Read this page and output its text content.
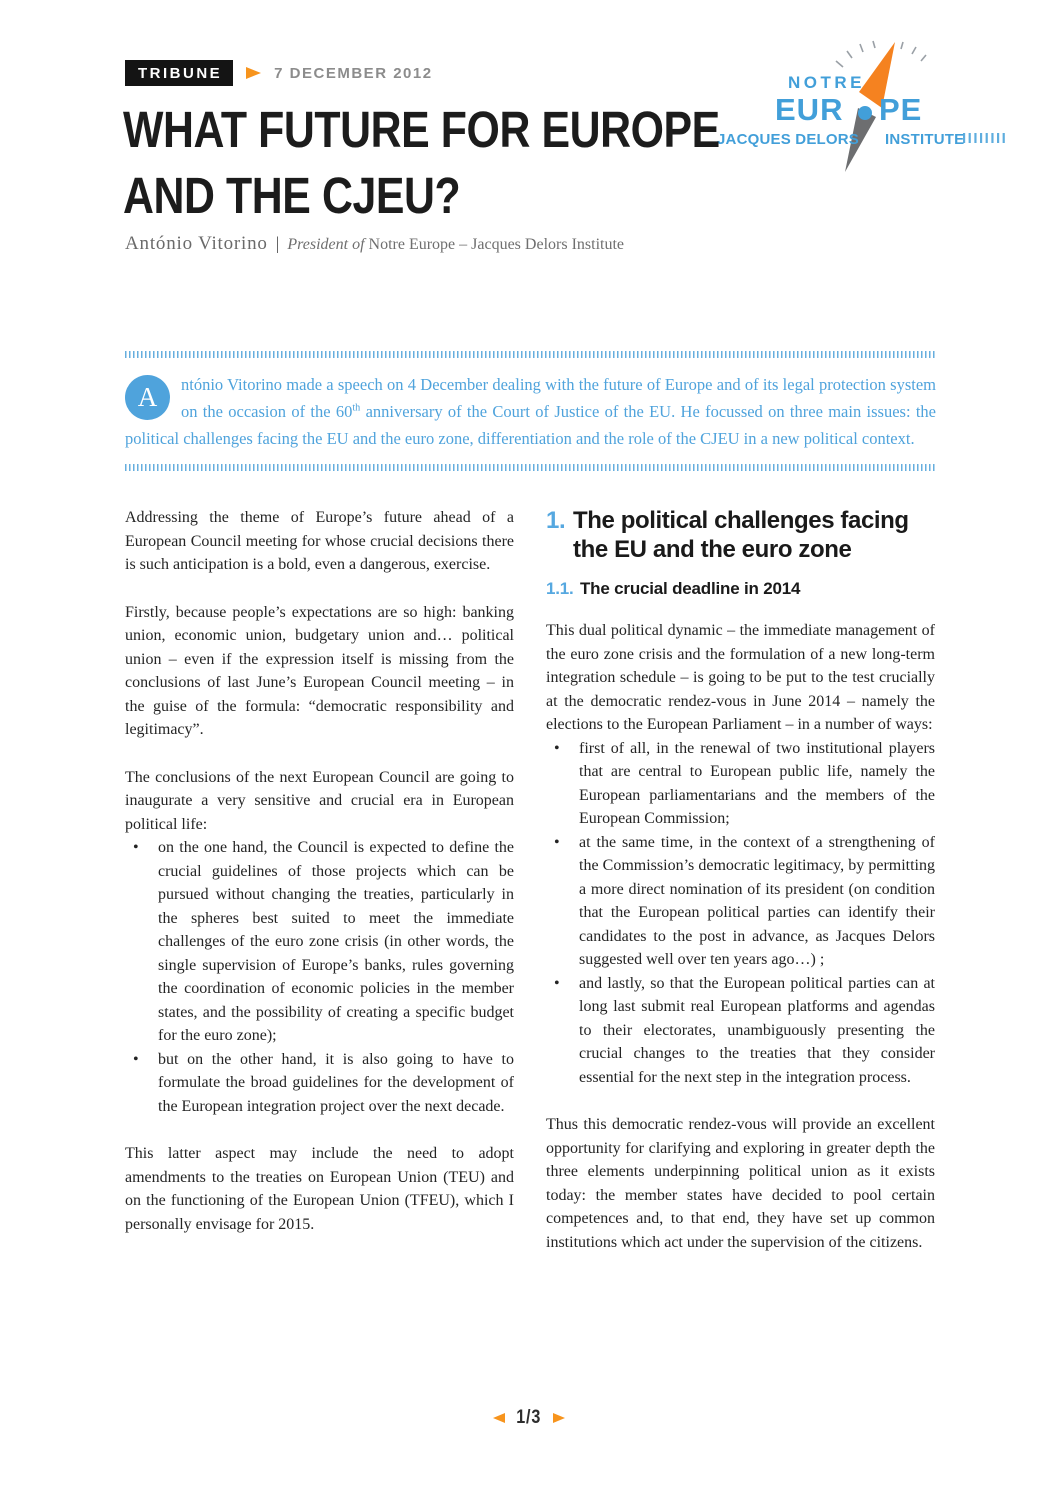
TRIBUNE	7 DECEMBER 2012	NOTRE
EUR PE
JACQUES DELORS INSTITUTE
IIIIIIII
WHAT FUTURE FOR EUROPE
AND THE CJEU?
António Vitorino | President of Notre Europe – Jacques Delors Institute
A	ntónio Vitorino made a speech on 4 December dealing with the future of Europe and of its legal protection system on the occasion of the 60th anniversary of the Court of Justice of the EU. He focussed on three main issues: the political challenges facing the EU and the euro zone, differentiation and the role of the CJEU in a new political context.

Addressing the theme of Europe’s future ahead of a European Council meeting for whose crucial decisions there is such anticipation is a bold, even a dangerous, exercise.

Firstly, because people’s expectations are so high: banking union, economic union, budgetary union and… political union – even if the expression itself is missing from the conclusions of last June’s European Council meeting – in the guise of the formula: “democratic responsibility and legitimacy”.

The conclusions of the next European Council are going to inaugurate a very sensitive and crucial era in European political life:

•	on the one hand, the Council is expected to define the crucial guidelines of those projects which can be pursued without changing the treaties, particularly in the spheres best suited to meet the immediate challenges of the euro zone crisis (in other words, the single supervision of Europe’s banks, rules governing the coordination of economic policies in the member states, and the possibility of creating a specific budget for the euro zone);
•	but on the other hand, it is also going to have to formulate the broad guidelines for the development of the European integration project over the next decade.

This latter aspect may include the need to adopt amendments to the treaties on European Union (TEU) and on the functioning of the European Union (TFEU), which I personally envisage for 2015.

1. The political challenges facing the EU and the euro zone
1.1. The crucial deadline in 2014

This dual political dynamic – the immediate management of the euro zone crisis and the formulation of a new long-term integration schedule – is going to be put to the test crucially at the democratic rendez-vous in June 2014 – namely the elections to the European Parliament – in a number of ways:

•	first of all, in the renewal of two institutional players that are central to European public life, namely the European parliamentarians and the members of the European Commission;
•	at the same time, in the context of a strengthening of the Commission’s democratic legitimacy, by permitting a more direct nomination of its president (on condition that the European political parties can identify their candidates to the post in advance, as Jacques Delors suggested well over ten years ago…) ;
•	and lastly, so that the European political parties can at long last submit real European platforms and agendas to their electorates, unambiguously presenting the crucial changes to the treaties that they consider essential for the next step in the integration process.

Thus this democratic rendez-vous will provide an excellent opportunity for clarifying and exploring in greater depth the three elements underpinning political union as it exists today: the member states have decided to pool certain competences and, to that end, they have set up common institutions which act under the supervision of the citizens.

1/3
